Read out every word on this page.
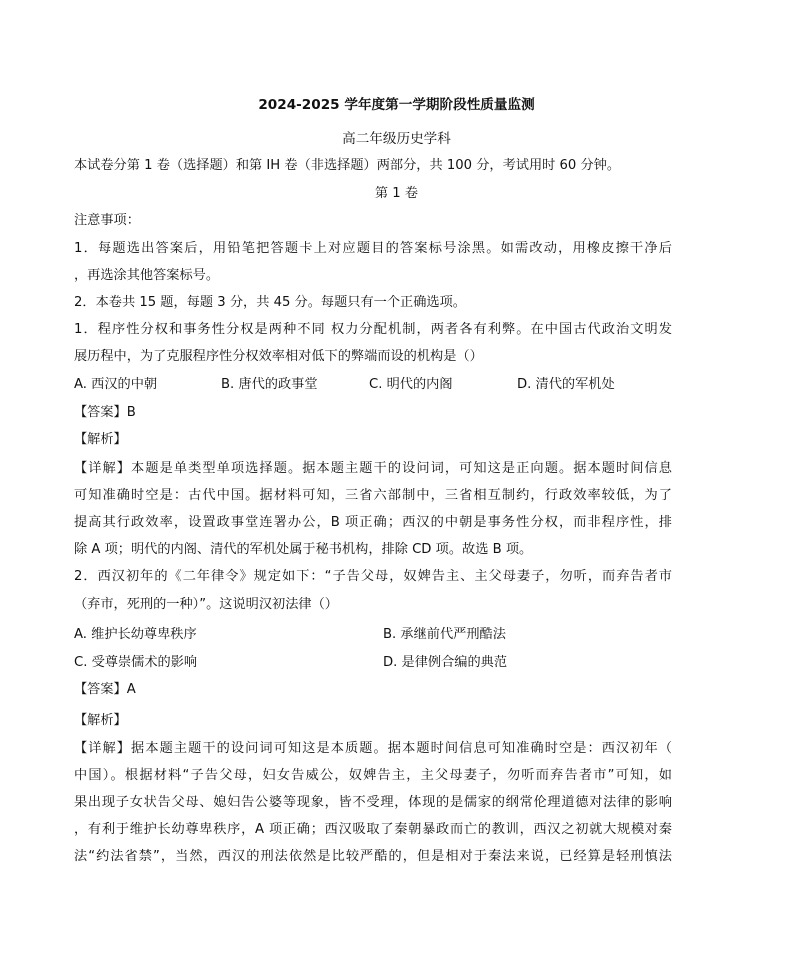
2024-2025 学年度第一学期阶段性质量监测
高二年级历史学科
本试卷分第 1 卷（选择题）和第 IH 卷（非选择题）两部分，共 100 分，考试用时 60 分钟。
第 1 卷
注意事项：
1．每题选出答案后，用铅笔把答题卡上对应题目的答案标号涂黑。如需改动，用橡皮擦干净后
，再选涂其他答案标号。
2．本卷共 15 题，每题 3 分，共 45 分。每题只有一个正确选项。
1．程序性分权和事务性分权是两种不同 权力分配机制，两者各有利弊。在中国古代政治文明发
展历程中，为了克服程序性分权效率相对低下的弊端而设的机构是（）
A. 西汉的中朝	B. 唐代的政事堂	C. 明代的内阁	D. 清代的军机处
【答案】B
【解析】
【详解】本题是单类型单项选择题。据本题主题干的设问词，可知这是正向题。据本题时间信息
可知准确时空是：古代中国。据材料可知，三省六部制中，三省相互制约，行政效率较低，为了
提高其行政效率，设置政事堂连署办公，B 项正确；西汉的中朝是事务性分权，而非程序性，排
除 A 项；明代的内阁、清代的军机处属于秘书机构，排除 CD 项。故选 B 项。
2．西汉初年的《二年律令》规定如下：“子告父母，奴婢告主、主父母妻子，勿听，而弃告者市
（弃市，死刑的一种）”。这说明汉初法律（）
A. 维护长幼尊卑秩序	B. 承继前代严刑酷法
C. 受尊崇儒术的影响	D. 是律例合编的典范
【答案】A
【解析】
【详解】据本题主题干的设问词可知这是本质题。据本题时间信息可知准确时空是：西汉初年（
中国）。根据材料“子告父母，妇女告威公，奴婢告主，主父母妻子，勿听而弃告者市”可知，如
果出现子女状告父母、媳妇告公婆等现象，皆不受理，体现的是儒家的纲常伦理道德对法律的影响
，有利于维护长幼尊卑秩序，A 项正确；西汉吸取了秦朝暴政而亡的教训，西汉之初就大规模对秦
法“约法省禁”，当然，西汉的刑法依然是比较严酷的，但是相对于秦法来说，已经算是轻刑慎法
